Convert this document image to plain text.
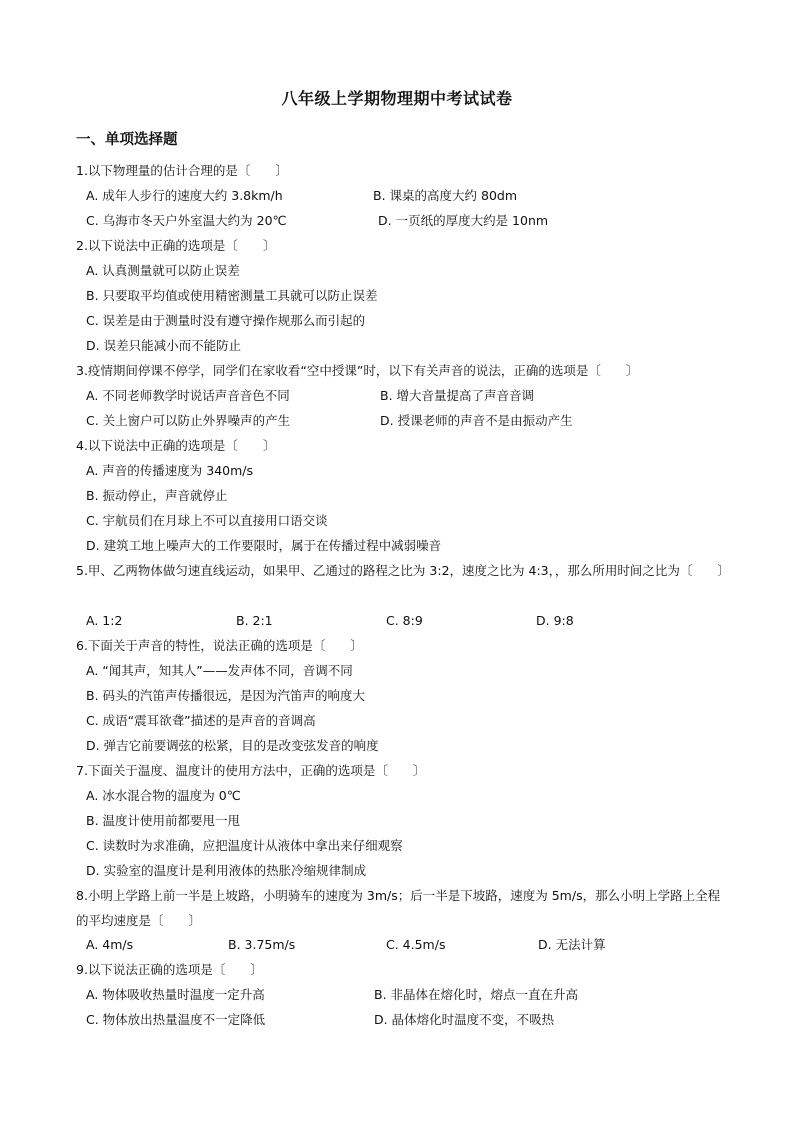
八年级上学期物理期中考试试卷
一、单项选择题
1.以下物理量的估计合理的是〔　　〕
A. 成年人步行的速度大约 3.8km/h	B. 课桌的高度大约 80dm
C. 乌海市冬天户外室温大约为 20℃	D. 一页纸的厚度大约是 10nm
2.以下说法中正确的选项是〔　　〕
A. 认真测量就可以防止误差
B. 只要取平均值或使用精密测量工具就可以防止误差
C. 误差是由于测量时没有遵守操作规那么而引起的
D. 误差只能减小而不能防止
3.疫情期间停课不停学，同学们在家收看“空中授课”时，以下有关声音的说法，正确的选项是〔　　〕
A. 不同老师教学时说话声音音色不同	B. 增大音量提高了声音音调
C. 关上窗户可以防止外界噪声的产生	D. 授课老师的声音不是由振动产生
4.以下说法中正确的选项是〔　　〕
A. 声音的传播速度为 340m/s
B. 振动停止，声音就停止
C. 宇航员们在月球上不可以直接用口语交谈
D. 建筑工地上噪声大的工作要限时，属于在传播过程中减弱噪音
5.甲、乙两物体做匀速直线运动，如果甲、乙通过的路程之比为 3:2，速度之比为 4:3，，那么所用时间之比为〔　　〕
A. 1:2	B. 2:1	C. 8:9	D. 9:8
6.下面关于声音的特性，说法正确的选项是〔　　〕
A. “闻其声，知其人”——发声体不同，音调不同
B. 码头的汽笛声传播很远，是因为汽笛声的响度大
C. 成语“震耳欲聋”描述的是声音的音调高
D. 弹吉它前要调弦的松紧，目的是改变弦发音的响度
7.下面关于温度、温度计的使用方法中，正确的选项是〔　　〕
A. 冰水混合物的温度为 0℃
B. 温度计使用前都要甩一甩
C. 读数时为求准确，应把温度计从液体中拿出来仔细观察
D. 实验室的温度计是利用液体的热胀冷缩规律制成
8.小明上学路上前一半是上坡路，小明骑车的速度为 3m/s；后一半是下坡路，速度为 5m/s，那么小明上学路上全程的平均速度是〔　　〕
A. 4m/s	B. 3.75m/s	C. 4.5m/s	D. 无法计算
9.以下说法正确的选项是〔　　〕
A. 物体吸收热量时温度一定升高	B. 非晶体在熔化时，熔点一直在升高
C. 物体放出热量温度不一定降低	D. 晶体熔化时温度不变，不吸热
